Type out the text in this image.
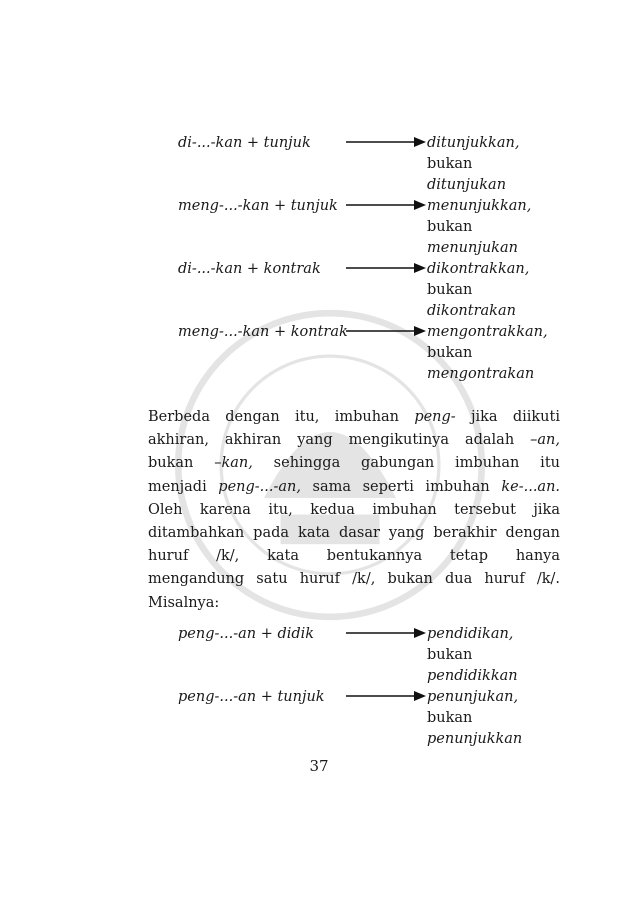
di-...-kan + tunjuk	ditunjukkan,
bukan
ditunjukan
meng-...-kan + tunjuk	menunjukkan,
bukan
menunjukan
di-...-kan + kontrak	dikontrakkan,
bukan
dikontrakan
meng-...-kan + kontrak	mengontrakkan,
bukan
mengontrakan

Berbeda dengan itu, imbuhan peng- jika diikuti
akhiran, akhiran yang mengikutinya adalah –an,
bukan –kan, sehingga gabungan imbuhan itu
menjadi peng-...-an, sama seperti imbuhan ke-...an.
Oleh karena itu, kedua imbuhan tersebut jika
ditambahkan pada kata dasar yang berakhir dengan
huruf /k/, kata bentukannya tetap hanya
mengandung satu huruf /k/, bukan dua huruf /k/.
Misalnya:

peng-...-an + didik	pendidikan,
bukan
pendidikkan
peng-...-an + tunjuk	penunjukan,
bukan
penunjukkan
37
